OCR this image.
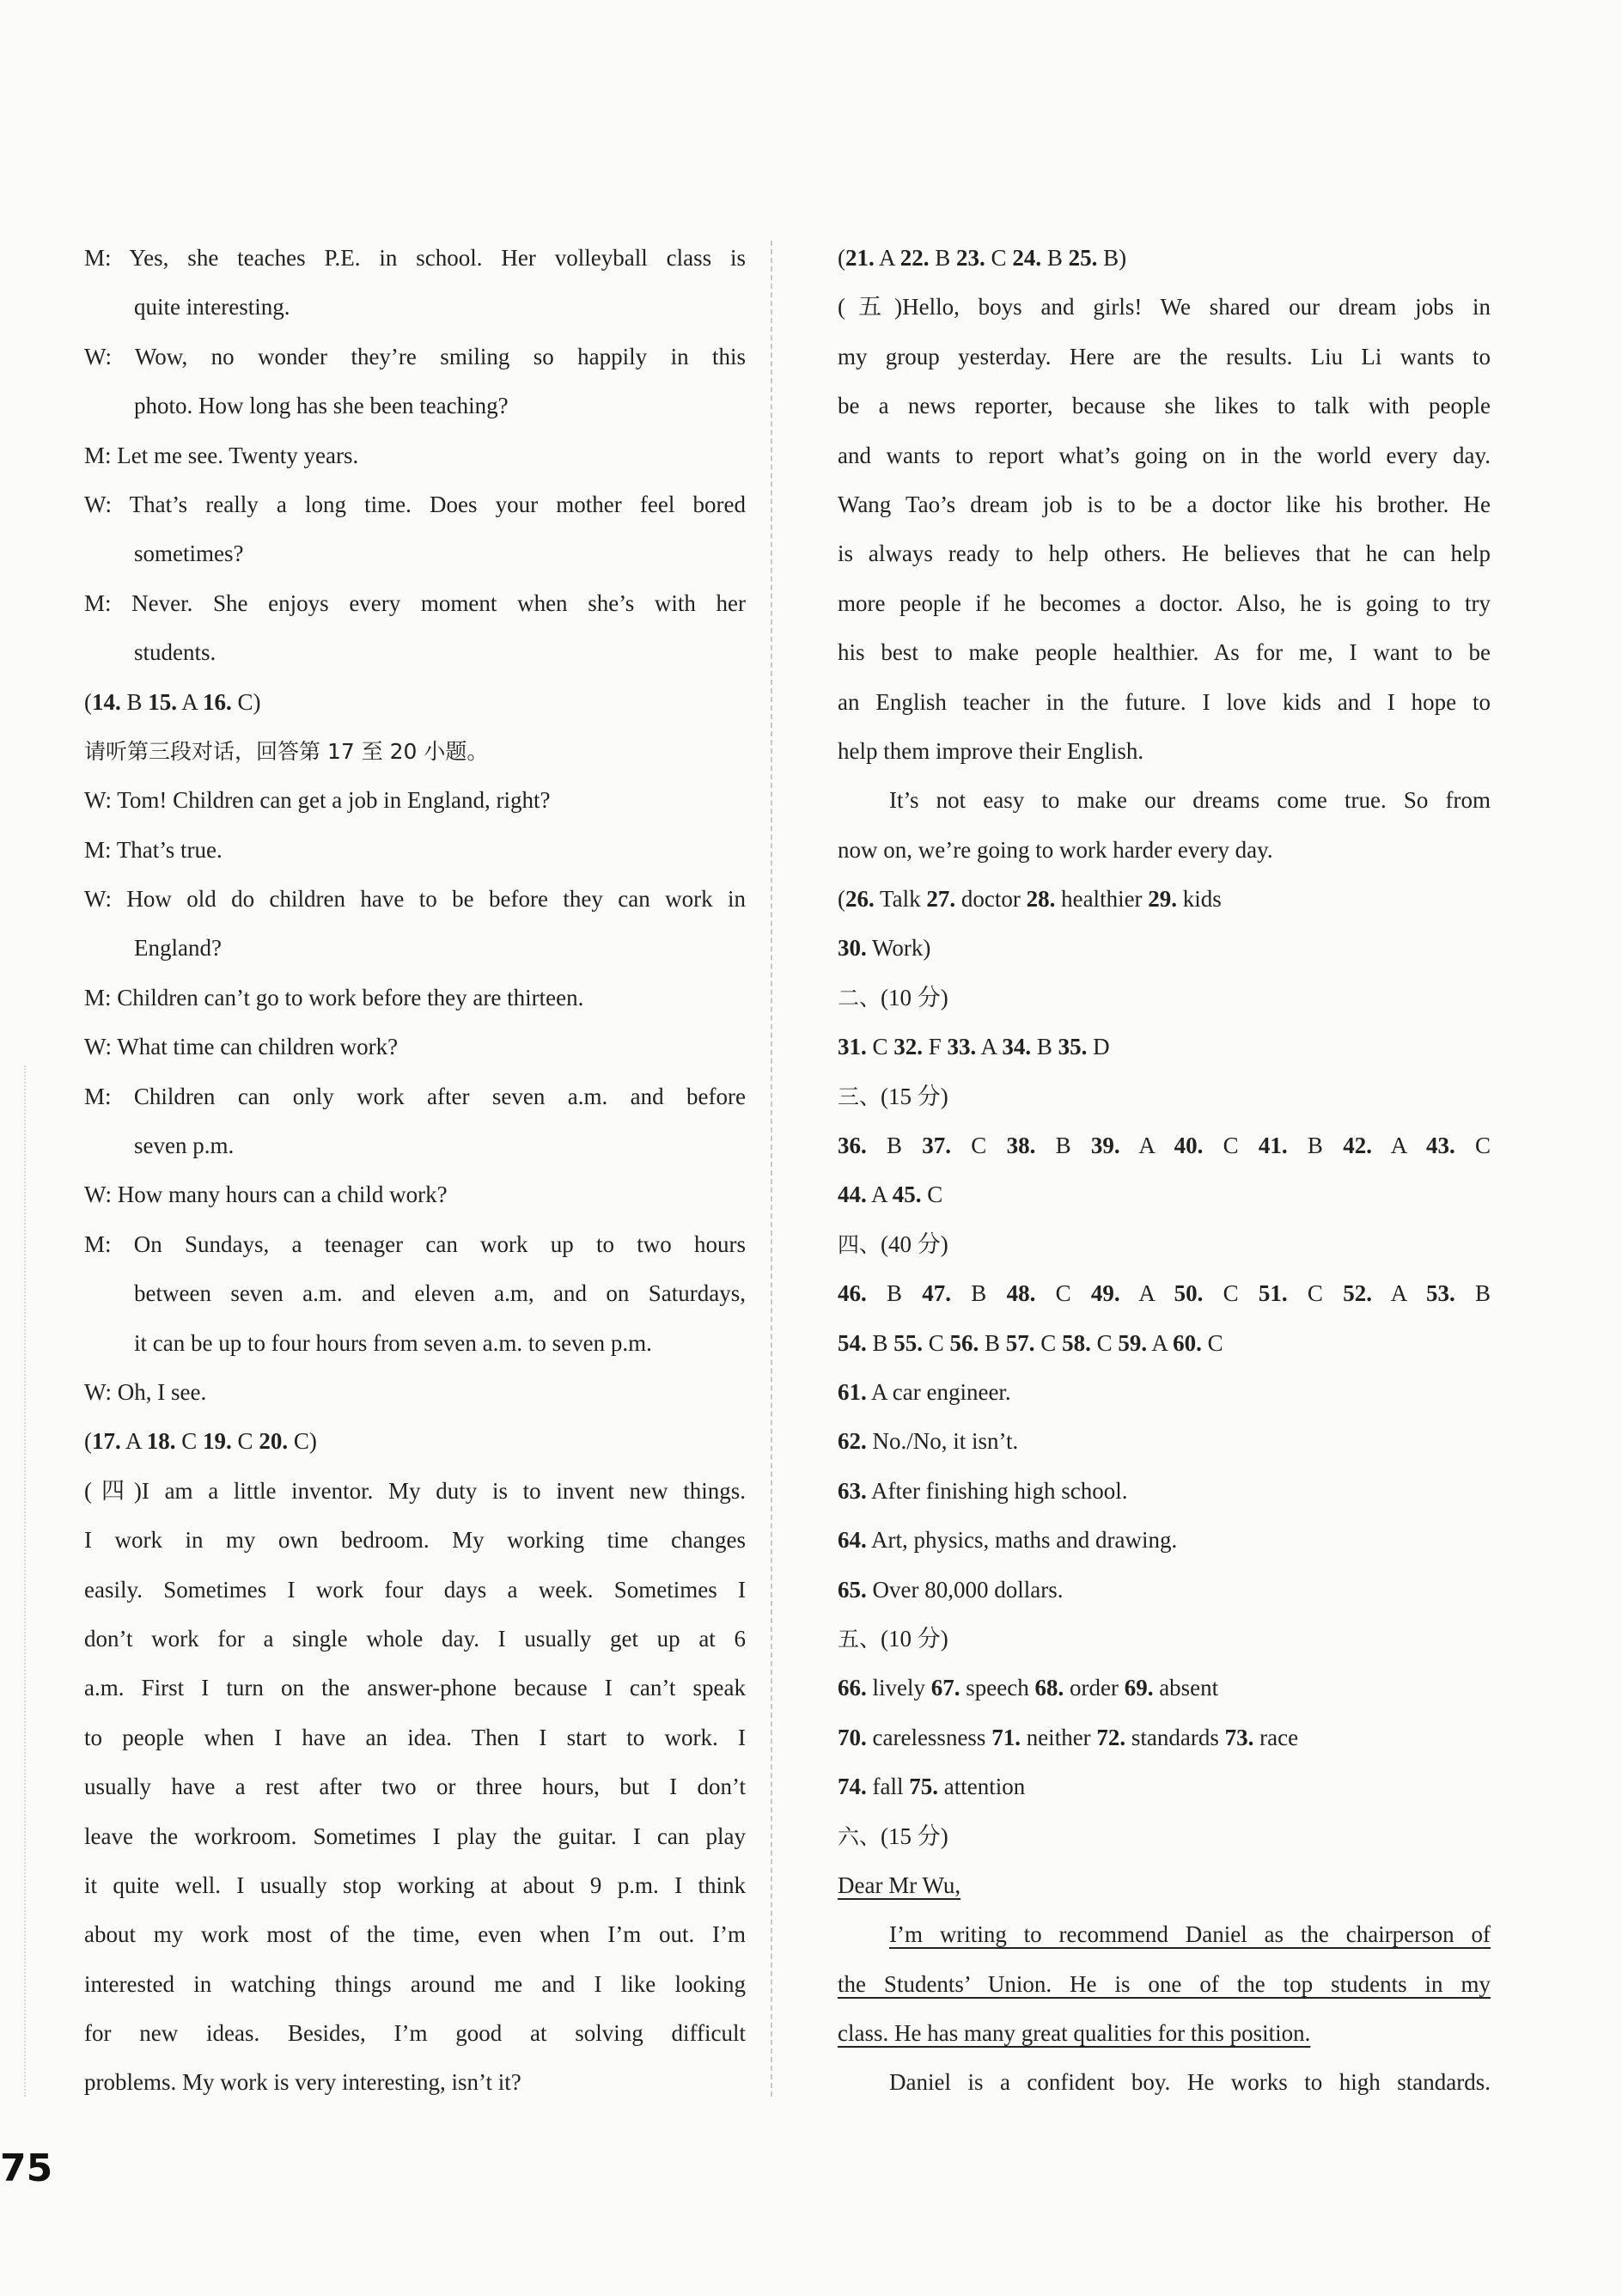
M: Yes, she teaches P.E. in school. Her volleyball class is
quite interesting.
W: Wow, no wonder they’re smiling so happily in this
photo. How long has she been teaching?
M: Let me see. Twenty years.
W: That’s really a long time. Does your mother feel bored
sometimes?
M: Never. She enjoys every moment when she’s with her
students.
(14. B 15. A 16. C)
请听第三段对话，回答第 17 至 20 小题。
W: Tom! Children can get a job in England, right?
M: That’s true.
W: How old do children have to be before they can work in
England?
M: Children can’t go to work before they are thirteen.
W: What time can children work?
M: Children can only work after seven a.m. and before
seven p.m.
W: How many hours can a child work?
M: On Sundays, a teenager can work up to two hours
between seven a.m. and eleven a.m, and on Saturdays,
it can be up to four hours from seven a.m. to seven p.m.
W: Oh, I see.
(17. A 18. C 19. C 20. C)
(四)I am a little inventor. My duty is to invent new things.
I work in my own bedroom. My working time changes
easily. Sometimes I work four days a week. Sometimes I
don’t work for a single whole day. I usually get up at 6
a.m. First I turn on the answer-phone because I can’t speak
to people when I have an idea. Then I start to work. I
usually have a rest after two or three hours, but I don’t
leave the workroom. Sometimes I play the guitar. I can play
it quite well. I usually stop working at about 9 p.m. I think
about my work most of the time, even when I’m out. I’m
interested in watching things around me and I like looking
for new ideas. Besides, I’m good at solving difficult
problems. My work is very interesting, isn’t it?
(21. A 22. B 23. C 24. B 25. B)
(五)Hello, boys and girls! We shared our dream jobs in
my group yesterday. Here are the results. Liu Li wants to
be a news reporter, because she likes to talk with people
and wants to report what’s going on in the world every day.
Wang Tao’s dream job is to be a doctor like his brother. He
is always ready to help others. He believes that he can help
more people if he becomes a doctor. Also, he is going to try
his best to make people healthier. As for me, I want to be
an English teacher in the future. I love kids and I hope to
help them improve their English.
It’s not easy to make our dreams come true. So from
now on, we’re going to work harder every day.
(26. Talk 27. doctor 28. healthier 29. kids
30. Work)
二、(10 分)
31. C 32. F 33. A 34. B 35. D
三、(15 分)
36. B 37. C 38. B 39. A 40. C 41. B 42. A 43. C
44. A 45. C
四、(40 分)
46. B 47. B 48. C 49. A 50. C 51. C 52. A 53. B
54. B 55. C 56. B 57. C 58. C 59. A 60. C
61. A car engineer.
62. No./No, it isn’t.
63. After finishing high school.
64. Art, physics, maths and drawing.
65. Over 80,000 dollars.
五、(10 分)
66. lively 67. speech 68. order 69. absent
70. carelessness 71. neither 72. standards 73. race
74. fall 75. attention
六、(15 分)
Dear Mr Wu,
I’m writing to recommend Daniel as the chairperson of
the Students’ Union. He is one of the top students in my
class. He has many great qualities for this position.
Daniel is a confident boy. He works to high standards.
75
